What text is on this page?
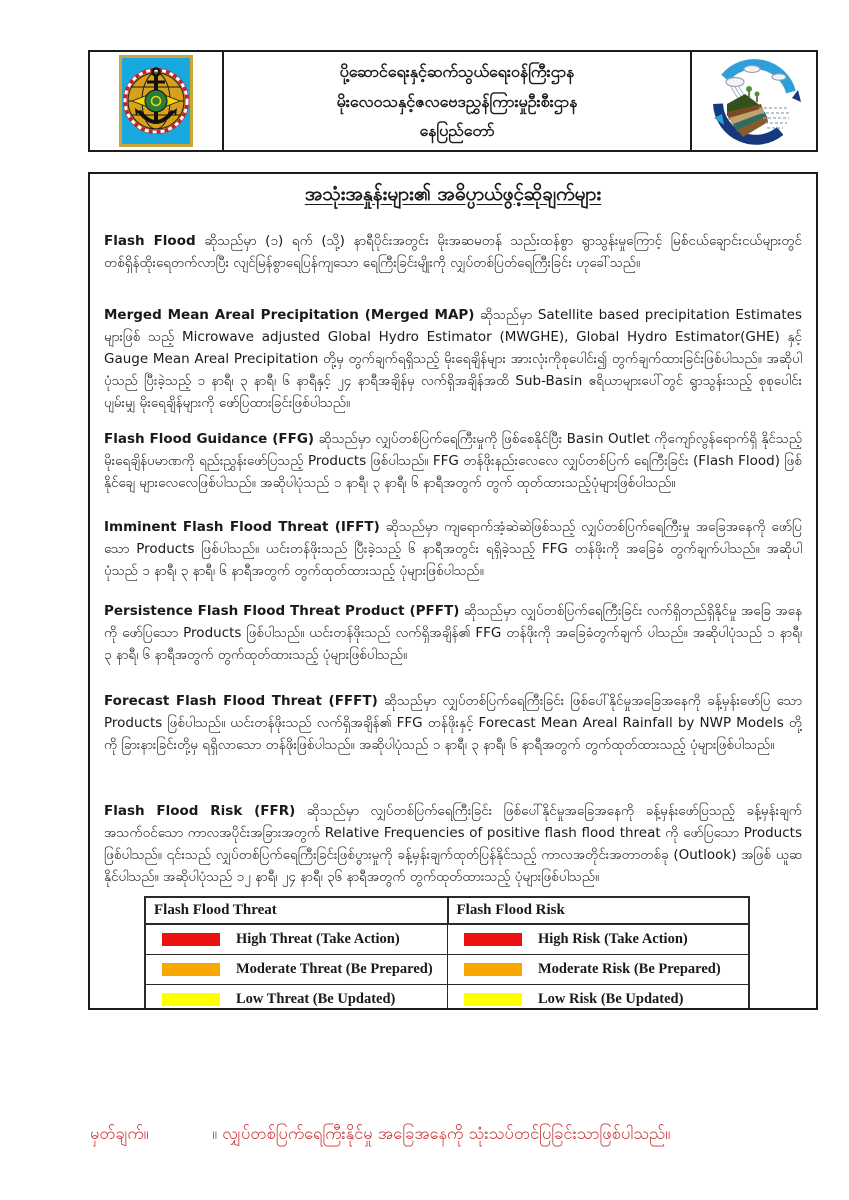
ပို့ဆောင်ရေးနှင့်ဆက်သွယ်ရေးဝန်ကြီးဌာန
မိုးလေဝသနှင့်ဇလဗေဒညွှန်ကြားမှုဦးစီးဌာန
နေပြည်တော်
အသုံးအနှုန်းများ၏ အဓိပ္ပာယ်ဖွင့်ဆိုချက်များ

Flash Flood ဆိုသည်မှာ (၁) ရက် (သို့) နာရီပိုင်းအတွင်း မိုးအဆမတန် သည်းထန်စွာ ရွာသွန်းမှုကြောင့် မြစ်ငယ်ချောင်းငယ်များတွင် တစ်ရှိန်ထိုးရေတက်လာပြီး လျင်မြန်စွာရေပြန်ကျသော ရေကြီးခြင်းမျိုးကို လျှပ်တစ်ပြတ်ရေကြီးခြင်း ဟုခေါ်သည်။

Merged Mean Areal Precipitation (Merged MAP) ဆိုသည်မှာ Satellite based precipitation Estimates များဖြစ် သည့် Microwave adjusted Global Hydro Estimator (MWGHE), Global Hydro Estimator(GHE) နှင့် Gauge Mean Areal Precipitation တို့မှ တွက်ချက်ရရှိသည့် မိုးရေချိန်များ အားလုံးကိုစုပေါင်း၍ တွက်ချက်ထားခြင်းဖြစ်ပါသည်။ အဆိုပါ ပုံသည် ပြီးခဲ့သည့် ၁ နာရီ၊ ၃ နာရီ၊ ၆ နာရီနှင့် ၂၄ နာရီအချိန်မှ လက်ရှိအချိန်အထိ Sub-Basin ဧရိယာများပေါ်တွင် ရွာသွန်းသည့် စုစုပေါင်း ပျမ်းမျှ မိုးရေချိန်များကို ဖော်ပြထားခြင်းဖြစ်ပါသည်။

Flash Flood Guidance (FFG) ဆိုသည်မှာ လျှပ်တစ်ပြက်ရေကြီးမှုကို ဖြစ်စေနိုင်ပြီး Basin Outlet ကိုကျော်လွန်ရောက်ရှိ နိုင်သည့် မိုးရေချိန်ပမာဏကို ရည်းညွှန်းဖော်ပြသည့် Products ဖြစ်ပါသည်။ FFG တန်ဖိုးနည်းလေလေ လျှပ်တစ်ပြက် ရေကြီးခြင်း (Flash Flood) ဖြစ်နိုင်ချေ များလေလေဖြစ်ပါသည်။ အဆိုပါပုံသည် ၁ နာရီ၊ ၃ နာရီ၊ ၆ နာရီအတွက် တွက် ထုတ်ထားသည့်ပုံများဖြစ်ပါသည်။

Imminent Flash Flood Threat (IFFT) ဆိုသည်မှာ ကျရောက်အံ့ဆဲဆဲဖြစ်သည့် လျှပ်တစ်ပြက်ရေကြီးမှု အခြေအနေကို ဖော်ပြသော Products ဖြစ်ပါသည်။ ယင်းတန်ဖိုးသည် ပြီးခဲ့သည့် ၆ နာရီအတွင်း ရရှိခဲ့သည့် FFG တန်ဖိုးကို အခြေခံ တွက်ချက်ပါသည်။ အဆိုပါပုံသည် ၁ နာရီ၊ ၃ နာရီ၊ ၆ နာရီအတွက် တွက်ထုတ်ထားသည့် ပုံများဖြစ်ပါသည်။

Persistence Flash Flood Threat Product (PFFT) ဆိုသည်မှာ လျှပ်တစ်ပြက်ရေကြီးခြင်း လက်ရှိတည်ရှိနိုင်မှု အခြေ အနေကို ဖော်ပြသော Products ဖြစ်ပါသည်။ ယင်းတန်ဖိုးသည် လက်ရှိအချိန်၏ FFG တန်ဖိုးကို အခြေခံတွက်ချက် ပါသည်။ အဆိုပါပုံသည် ၁ နာရီ၊ ၃ နာရီ၊ ၆ နာရီအတွက် တွက်ထုတ်ထားသည့် ပုံများဖြစ်ပါသည်။

Forecast Flash Flood Threat (FFFT) ဆိုသည်မှာ လျှပ်တစ်ပြက်ရေကြီးခြင်း ဖြစ်ပေါ်နိုင်မှုအခြေအနေကို ခန့်မှန်းဖော်ပြ သော Products ဖြစ်ပါသည်။ ယင်းတန်ဖိုးသည် လက်ရှိအချိန်၏ FFG တန်ဖိုးနှင့် Forecast Mean Areal Rainfall by NWP Models တို့ကို ခြားနားခြင်းတို့မှ ရရှိလာသော တန်ဖိုးဖြစ်ပါသည်။ အဆိုပါပုံသည် ၁ နာရီ၊ ၃ နာရီ၊ ၆ နာရီအတွက် တွက်ထုတ်ထားသည့် ပုံများဖြစ်ပါသည်။

Flash Flood Risk (FFR) ဆိုသည်မှာ လျှပ်တစ်ပြက်ရေကြီးခြင်း ဖြစ်ပေါ်နိုင်မှုအခြေအနေကို ခန့်မှန်းဖော်ပြသည့် ခန့်မှန်းချက် အသက်ဝင်သော ကာလအပိုင်းအခြားအတွက် Relative Frequencies of positive flash flood threat ကို ဖော်ပြသော Products ဖြစ်ပါသည်။ ၎င်းသည် လျှပ်တစ်ပြက်ရေကြီးခြင်းဖြစ်ပွားမှုကို ခန့်မှန်းချက်ထုတ်ပြန်နိုင်သည့် ကာလအတိုင်းအတာတစ်ခု (Outlook) အဖြစ် ယူဆနိုင်ပါသည်။ အဆိုပါပုံသည် ၁၂ နာရီ၊ ၂၄ နာရီ၊ ၃၆ နာရီအတွက် တွက်ထုတ်ထားသည့် ပုံများဖြစ်ပါသည်။

Flash Flood Threat	Flash Flood Risk
High Threat (Take Action)	High Risk (Take Action)
Moderate Threat (Be Prepared)	Moderate Risk (Be Prepared)
Low Threat (Be Updated)	Low Risk (Be Updated)
မှတ်ချက်။	။ လျှပ်တစ်ပြက်ရေကြီးနိုင်မှု အခြေအနေကို သုံးသပ်တင်ပြခြင်းသာဖြစ်ပါသည်။
